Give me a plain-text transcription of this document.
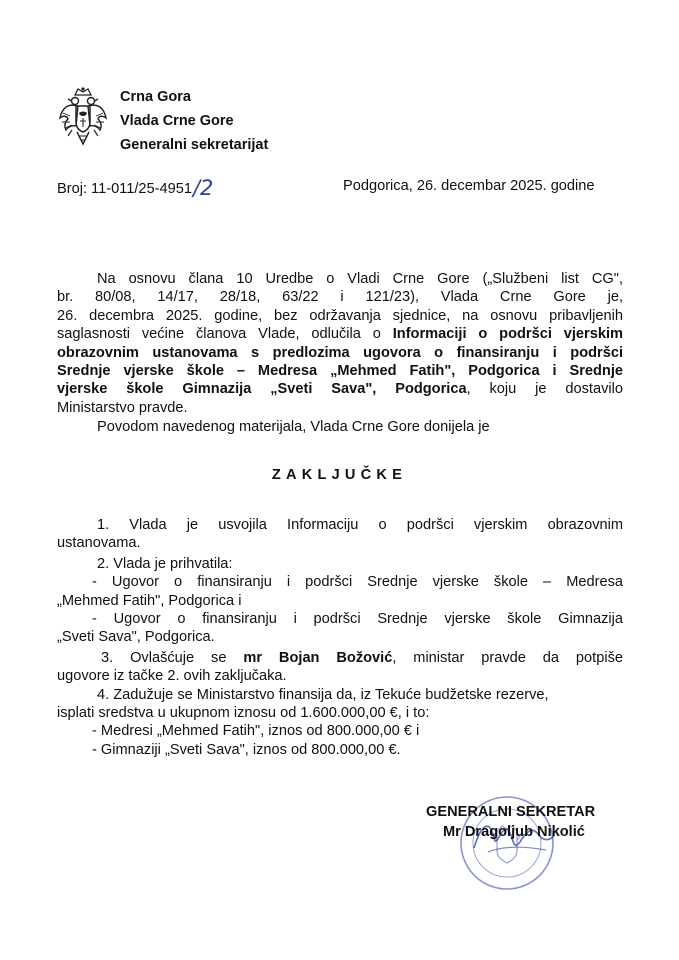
Crna Gora
Vlada Crne Gore
Generalni sekretarijat
Broj: 11-011/25-4951/2	Podgorica, 26. decembar 2025. godine
Na osnovu člana 10 Uredbe o Vladi Crne Gore („Službeni list CG",
br. 80/08, 14/17, 28/18, 63/22 i 121/23), Vlada Crne Gore je,
26. decembra 2025. godine, bez održavanja sjednice, na osnovu pribavljenih
saglasnosti većine članova Vlade, odlučila o Informaciji o podršci vjerskim
obrazovnim ustanovama s predlozima ugovora o finansiranju i podršci
Srednje vjerske škole – Medresa „Mehmed Fatih", Podgorica i Srednje
vjerske škole Gimnazija „Sveti Sava", Podgorica, koju je dostavilo
Ministarstvo pravde.
Povodom navedenog materijala, Vlada Crne Gore donijela je
ZAKLJUČKE
1. Vlada je usvojila Informaciju o podršci vjerskim obrazovnim
ustanovama.
2. Vlada je prihvatila:
- Ugovor o finansiranju i podršci Srednje vjerske škole – Medresa
„Mehmed Fatih", Podgorica i
- Ugovor o finansiranju i podršci Srednje vjerske škole Gimnazija
„Sveti Sava", Podgorica.
3. Ovlašćuje se mr Bojan Božović, ministar pravde da potpiše
ugovore iz tačke 2. ovih zaključaka.
4. Zadužuje se Ministarstvo finansija da, iz Tekuće budžetske rezerve,
isplati sredstva u ukupnom iznosu od 1.600.000,00 €, i to:
- Medresi „Mehmed Fatih", iznos od 800.000,00 € i
- Gimnaziji „Sveti Sava", iznos od 800.000,00 €.
GENERALNI SEKRETAR
Mr Dragoljub Nikolić
